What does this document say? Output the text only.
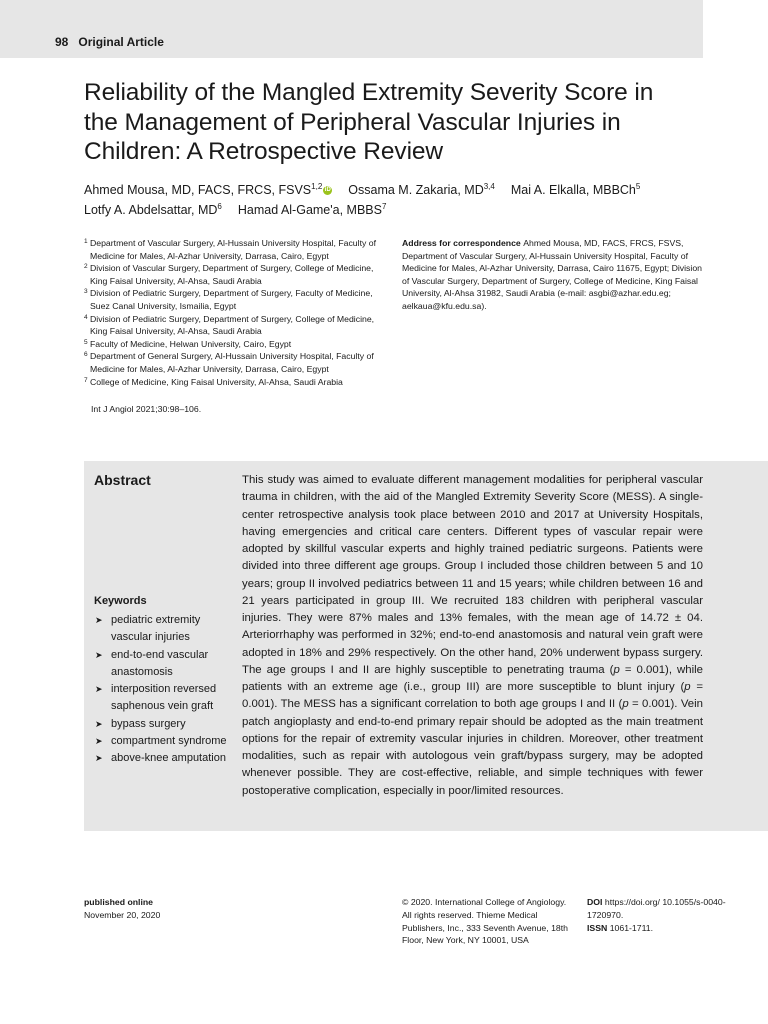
98 Original Article
Reliability of the Mangled Extremity Severity Score in the Management of Peripheral Vascular Injuries in Children: A Retrospective Review
Ahmed Mousa, MD, FACS, FRCS, FSVS$^{1,2}$ iD Ossama M. Zakaria, MD$^{3,4}$ Mai A. Elkalla, MBBCh$^5$
Lotfy A. Abdelsattar, $MD^6$ Hamad Al-Game'a, MBBS$^7$
1 Department of Vascular Surgery, Al-Hussain University Hospital, Faculty of Medicine for Males, Al-Azhar University, Darrasa, Cairo, Egypt
2 Division of Vascular Surgery, Department of Surgery, College of Medicine, King Faisal University, Al-Ahsa, Saudi Arabia
3 Division of Pediatric Surgery, Department of Surgery, Faculty of Medicine, Suez Canal University, Ismailia, Egypt
4 Division of Pediatric Surgery, Department of Surgery, College of Medicine, King Faisal University, Al-Ahsa, Saudi Arabia
5 Faculty of Medicine, Helwan University, Cairo, Egypt
6 Department of General Surgery, Al-Hussain University Hospital, Faculty of Medicine for Males, Al-Azhar University, Darrasa, Cairo, Egypt
7 College of Medicine, King Faisal University, Al-Ahsa, Saudi Arabia
Address for correspondence Ahmed Mousa, MD, FACS, FRCS, FSVS, Department of Vascular Surgery, Al-Hussain University Hospital, Faculty of Medicine for Males, Al-Azhar University, Darrasa, Cairo 11675, Egypt; Division of Vascular Surgery, Department of Surgery, College of Medicine, King Faisal University, Al-Ahsa 31982, Saudi Arabia (e-mail: asgbi@azhar.edu.eg; aelkaua@kfu.edu.sa).
Int J Angiol 2021;30:98–106.
Abstract	This study was aimed to evaluate different management modalities for peripheral vascular trauma in children, with the aid of the Mangled Extremity Severity Score (MESS). A single-center retrospective analysis took place between 2010 and 2017 at University Hospitals, having emergencies and critical care centers. Different types of vascular repair were adopted by skillful vascular experts and highly trained pediatric surgeons. Patients were divided into three different age groups. Group I included those children between 5 and 10 years; group II involved pediatrics between 11 and 15 years; while children between 16 and 21 years participated in group III. We recruited 183 children with peripheral vascular injuries. They were 87% males and 13% females, with the mean age of 14.72 ± 04. Arteriorrhaphy was performed in 32%; end-to-end anastomosis and natural vein graft were adopted in 18% and 29% respectively. On the other hand, 20% underwent bypass surgery. The age groups I and II are highly susceptible to penetrating trauma (p = 0.001), while patients with an extreme age (i.e., group III) are more susceptible to blunt injury (p = 0.001). The MESS has a significant correlation to both age groups I and II (p = 0.001). Vein patch angioplasty and end-to-end primary repair should be adopted as the main treatment options for the repair of extremity vascular injuries in children. Moreover, other treatment modalities, such as repair with autologous vein graft/bypass surgery, may be adopted whenever possible. They are cost-effective, reliable, and simple techniques with fewer postoperative complication, especially in poor/limited resources.

Keywords
➤ pediatric extremity vascular injuries
➤ end-to-end vascular anastomosis
➤ interposition reversed saphenous vein graft
➤ bypass surgery
➤ compartment syndrome
➤ above-knee amputation
published online
November 20, 2020
© 2020. International College of Angiology. All rights reserved. Thieme Medical Publishers, Inc., 333 Seventh Avenue, 18th Floor, New York, NY 10001, USA
DOI https://doi.org/ 10.1055/s-0040-1720970.
ISSN 1061-1711.
